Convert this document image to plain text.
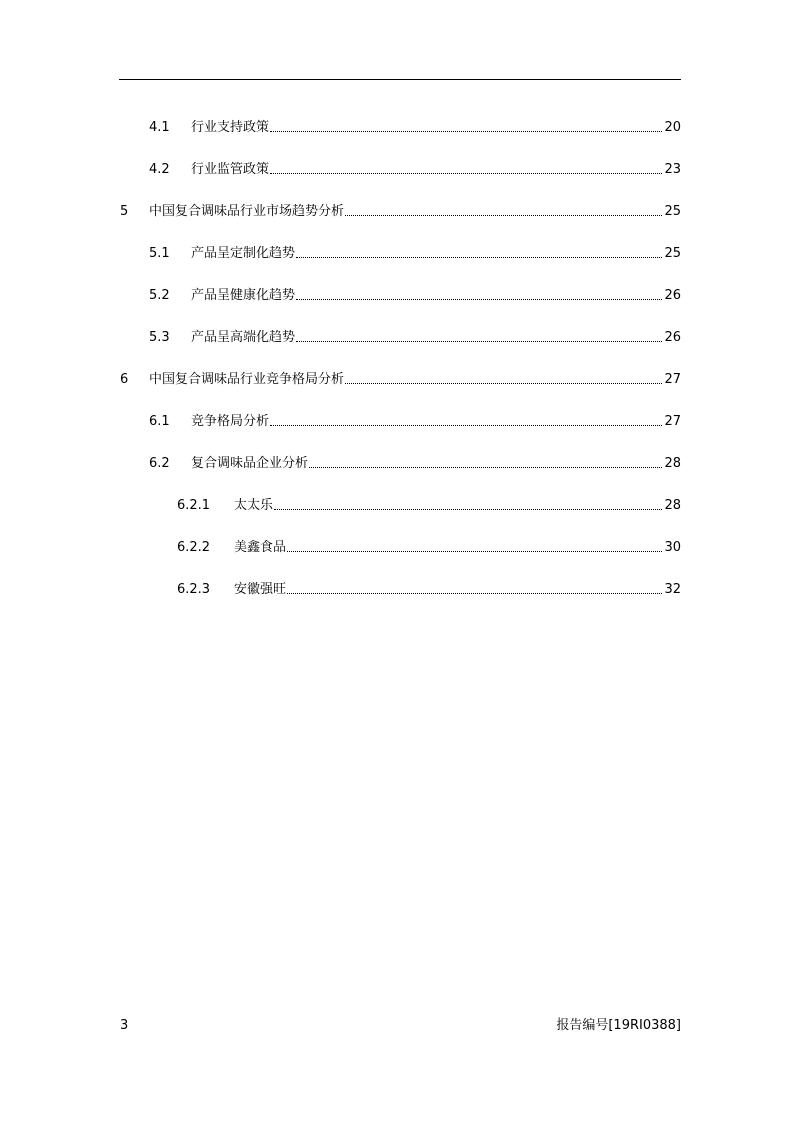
4.1	行业支持政策	20
4.2	行业监管政策	23
5	中国复合调味品行业市场趋势分析	25
5.1	产品呈定制化趋势	25
5.2	产品呈健康化趋势	26
5.3	产品呈高端化趋势	26
6	中国复合调味品行业竞争格局分析	27
6.1	竞争格局分析	27
6.2	复合调味品企业分析	28
6.2.1	太太乐	28
6.2.2	美鑫食品	30
6.2.3	安徽强旺	32
3	报告编号[19RI0388]
